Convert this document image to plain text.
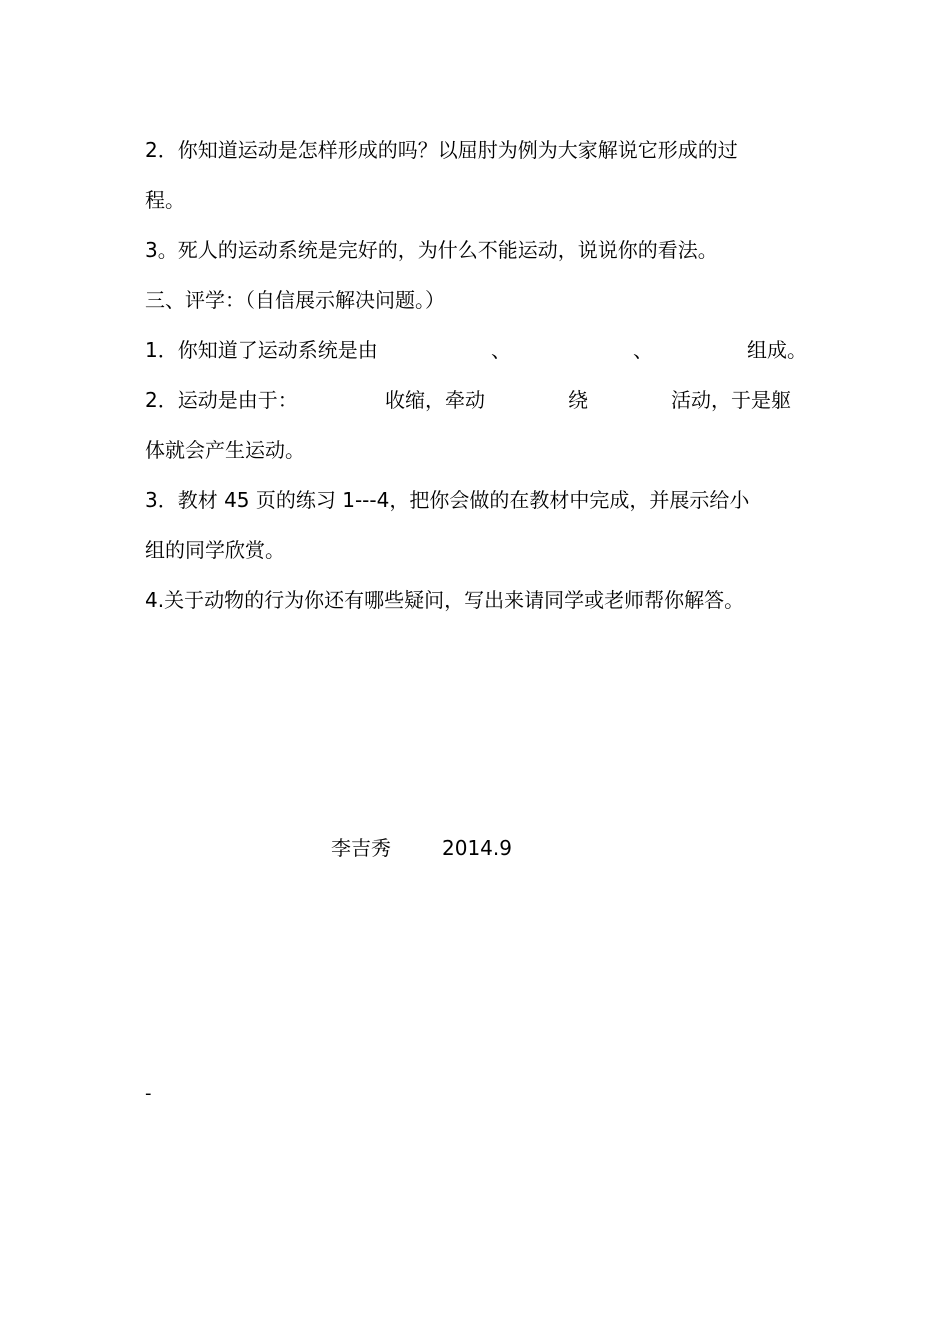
2．你知道运动是怎样形成的吗？以屈肘为例为大家解说它形成的过
程。
3。死人的运动系统是完好的，为什么不能运动，说说你的看法。
三、评学：（自信展示解决问题。）
1．你知道了运动系统是由	、	、	组成。
2．运动是由于：	收缩，牵动	绕	活动，于是躯
体就会产生运动。
3．教材 45 页的练习 1---4，把你会做的在教材中完成，并展示给小
组的同学欣赏。
4.关于动物的行为你还有哪些疑问，写出来请同学或老师帮你解答。
李吉秀	2014.9
-
